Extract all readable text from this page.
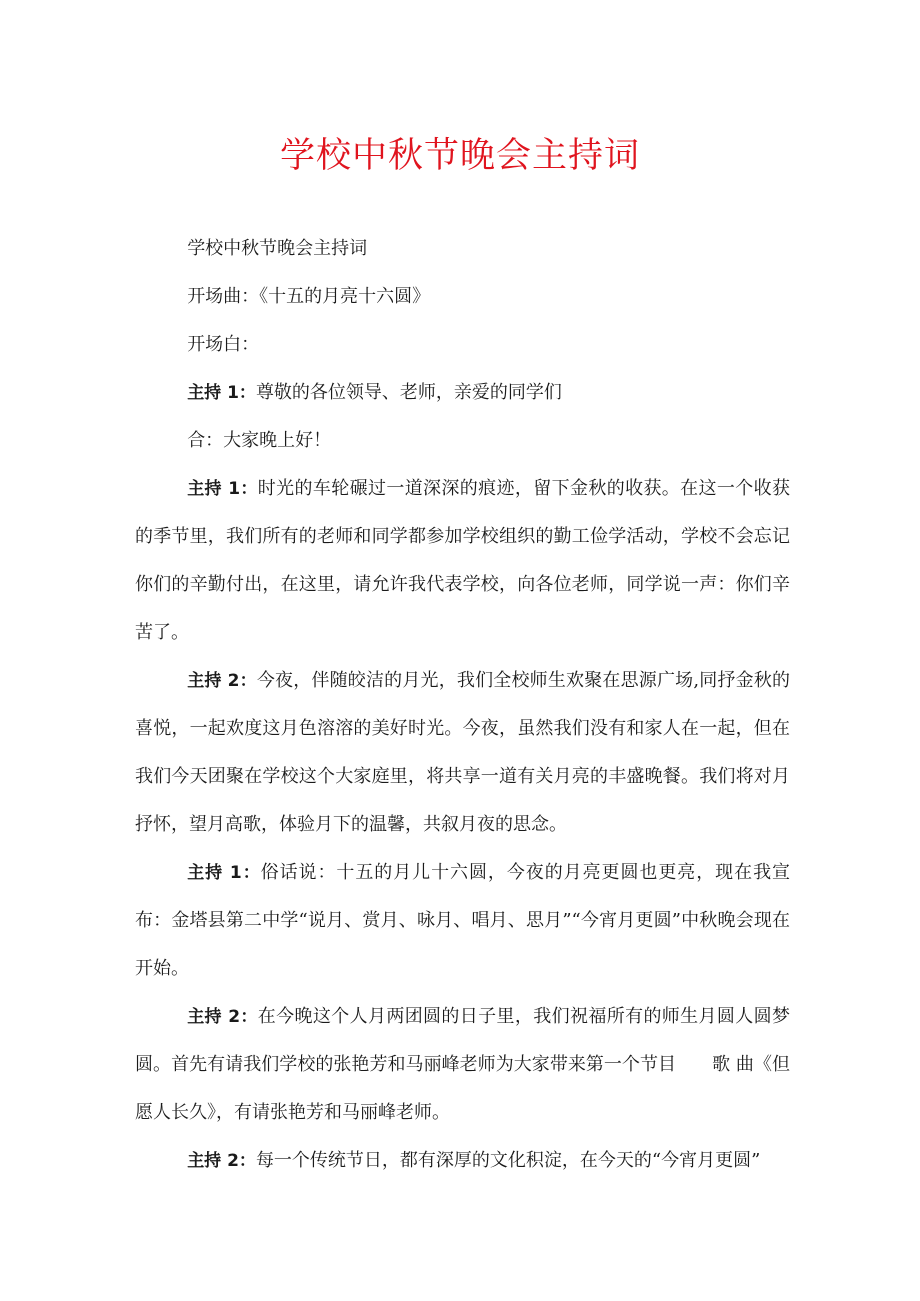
学校中秋节晚会主持词

学校中秋节晚会主持词

开场曲：《十五的月亮十六圆》

开场白：

主持 1：尊敬的各位领导、老师，亲爱的同学们

合：大家晚上好！

主持 1：时光的车轮碾过一道深深的痕迹，留下金秋的收获。在这一个收获的季节里，我们所有的老师和同学都参加学校组织的勤工俭学活动，学校不会忘记你们的辛勤付出，在这里，请允许我代表学校，向各位老师，同学说一声：你们辛苦了。

主持 2：今夜，伴随皎洁的月光，我们全校师生欢聚在思源广场,同抒金秋的喜悦，一起欢度这月色溶溶的美好时光。今夜，虽然我们没有和家人在一起，但在我们今天团聚在学校这个大家庭里，将共享一道有关月亮的丰盛晚餐。我们将对月抒怀，望月高歌，体验月下的温馨，共叙月夜的思念。

主持 1：俗话说：十五的月儿十六圆，今夜的月亮更圆也更亮，现在我宣布：金塔县第二中学“说月、赏月、咏月、唱月、思月”“今宵月更圆”中秋晚会现在开始。

主持 2：在今晚这个人月两团圆的日子里，我们祝福所有的师生月圆人圆梦圆。首先有请我们学校的张艳芳和马丽峰老师为大家带来第一个节目　　歌 曲《但愿人长久》，有请张艳芳和马丽峰老师。

主持 2：每一个传统节日，都有深厚的文化积淀，在今天的“今宵月更圆”
